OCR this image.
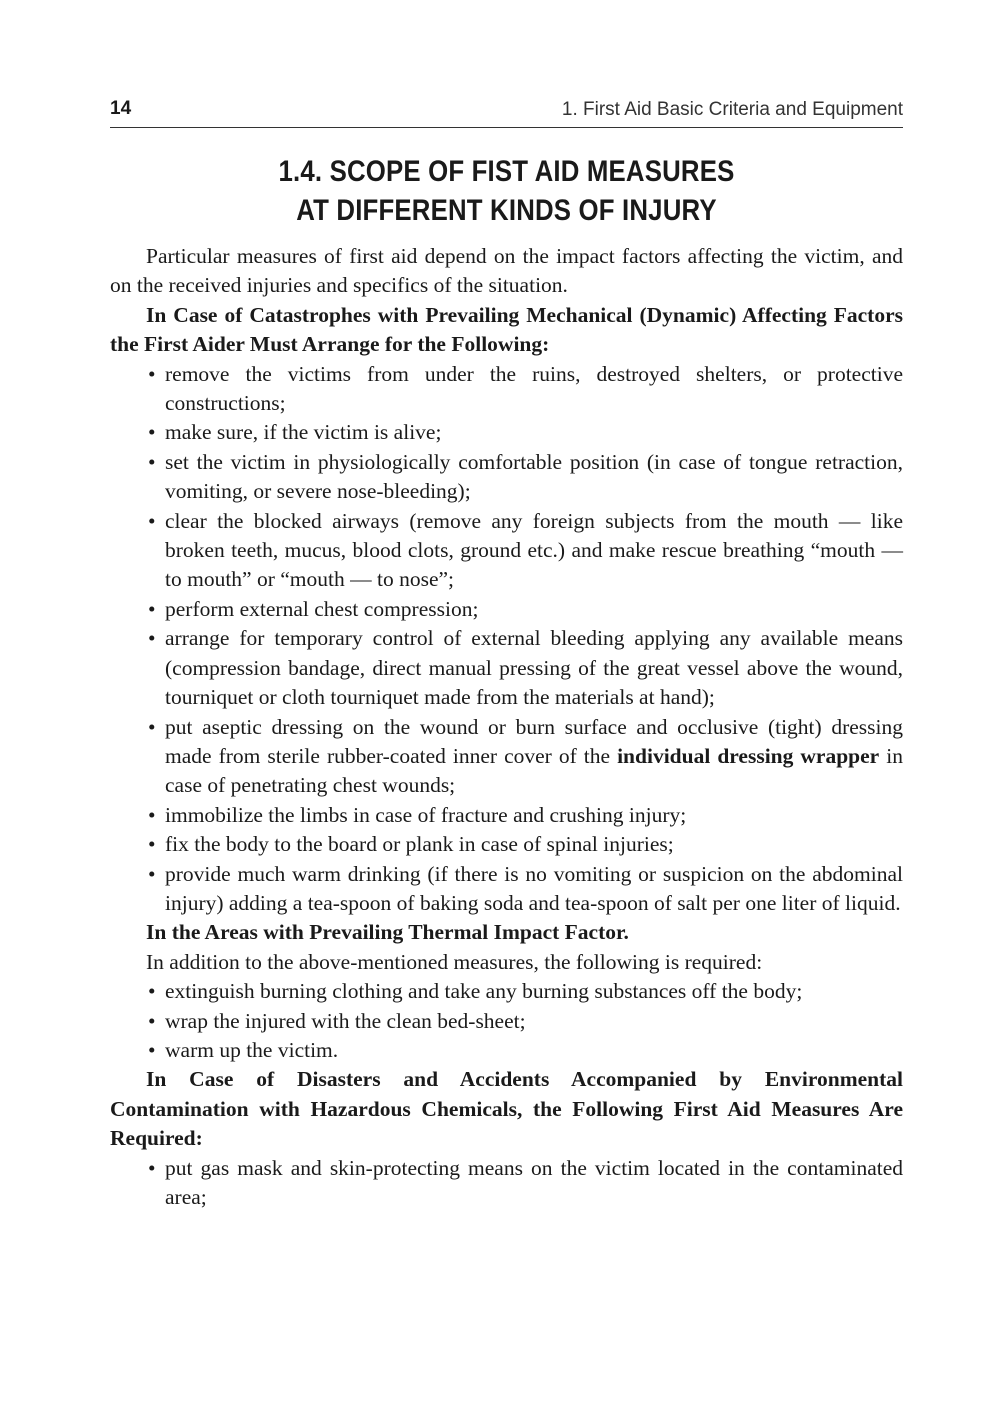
14	1. First Aid Basic Criteria and Equipment
1.4. SCOPE OF FIST AID MEASURES
AT DIFFERENT KINDS OF INJURY

Particular measures of first aid depend on the impact factors affecting the victim, and on the received injuries and specifics of the situation.

In Case of Catastrophes with Prevailing Mechanical (Dynamic) Affecting Factors the First Aider Must Arrange for the Following:

• remove the victims from under the ruins, destroyed shelters, or protective constructions;

• make sure, if the victim is alive;

• set the victim in physiologically comfortable position (in case of tongue retraction, vomiting, or severe nose-bleeding);

• clear the blocked airways (remove any foreign subjects from the mouth — like broken teeth, mucus, blood clots, ground etc.) and make rescue breathing “mouth — to mouth” or “mouth — to nose”;

• perform external chest compression;

• arrange for temporary control of external bleeding applying any available means (compression bandage, direct manual pressing of the great vessel above the wound, tourniquet or cloth tourniquet made from the materials at hand);

• put aseptic dressing on the wound or burn surface and occlusive (tight) dressing made from sterile rubber-coated inner cover of the individual dressing wrapper in case of penetrating chest wounds;

• immobilize the limbs in case of fracture and crushing injury;

• fix the body to the board or plank in case of spinal injuries;

• provide much warm drinking (if there is no vomiting or suspicion on the abdominal injury) adding a tea-spoon of baking soda and tea-spoon of salt per one liter of liquid.

In the Areas with Prevailing Thermal Impact Factor.

In addition to the above-mentioned measures, the following is required:

• extinguish burning clothing and take any burning substances off the body;

• wrap the injured with the clean bed-sheet;

• warm up the victim.

In Case of Disasters and Accidents Accompanied by Environmental Contamination with Hazardous Chemicals, the Following First Aid Measures Are Required:

• put gas mask and skin-protecting means on the victim located in the contaminated area;
